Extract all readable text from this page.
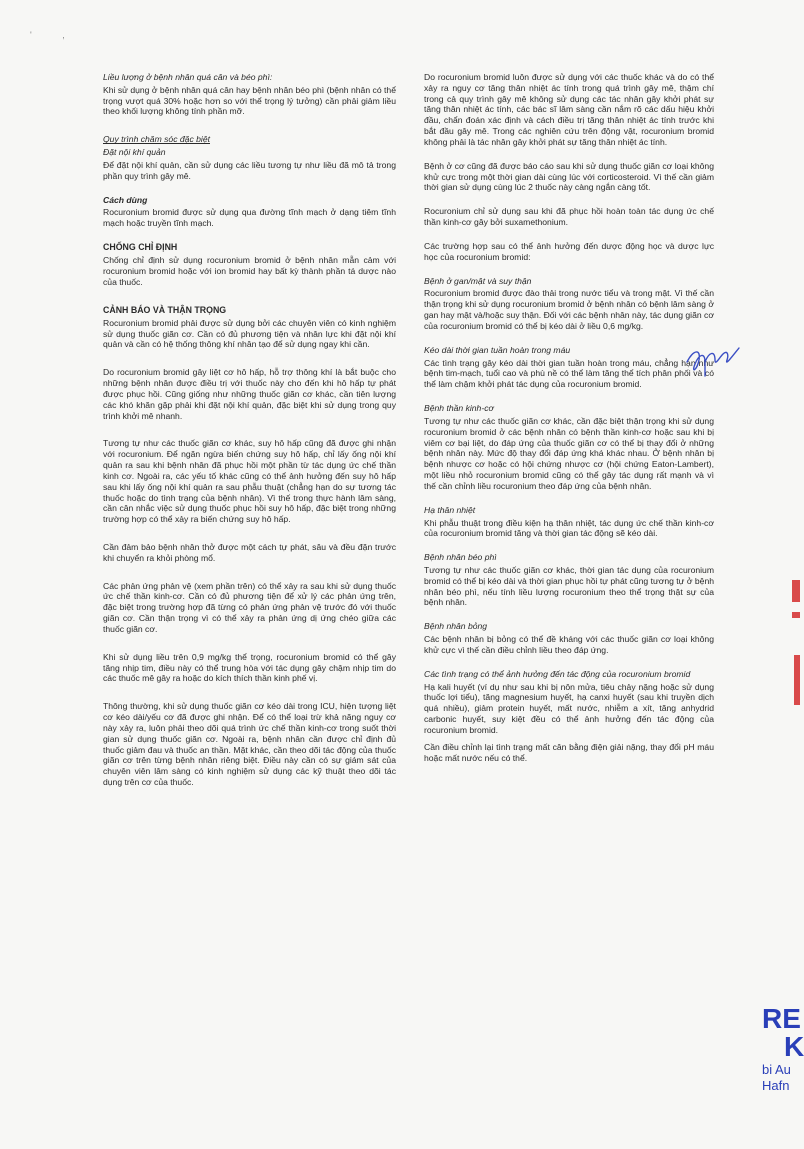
' ,
Liều lượng ở bệnh nhân quá cân và béo phì:

Khi sử dụng ở bệnh nhân quá cân hay bệnh nhân béo phì (bệnh nhân có thể trọng vượt quá 30% hoặc hơn so với thể trọng lý tưởng) cần phải giảm liều theo khối lượng không tính phần mỡ.

Quy trình chăm sóc đặc biệt
Đặt nội khí quản

Để đặt nội khí quản, cần sử dụng các liều tương tự như liều đã mô tả trong phần quy trình gây mê.

Cách dùng

Rocuronium bromid được sử dụng qua đường tĩnh mạch ở dạng tiêm tĩnh mạch hoặc truyền tĩnh mạch.

CHỐNG CHỈ ĐỊNH

Chống chỉ định sử dụng rocuronium bromid ở bệnh nhân mẫn cảm với rocuronium bromid hoặc với ion bromid hay bất kỳ thành phần tá dược nào của thuốc.

CẢNH BÁO VÀ THẬN TRỌNG

Rocuronium bromid phải được sử dụng bởi các chuyên viên có kinh nghiệm sử dụng thuốc giãn cơ. Cần có đủ phương tiện và nhân lực khi đặt nội khí quản và cần có hệ thống thông khí nhân tạo để sử dụng ngay khi cần.

Do rocuronium bromid gây liệt cơ hô hấp, hỗ trợ thông khí là bắt buộc cho những bệnh nhân được điều trị với thuốc này cho đến khi hô hấp tự phát được phục hồi. Cũng giống như những thuốc giãn cơ khác, cần tiên lượng các khó khăn gặp phải khi đặt nội khí quản, đặc biệt khi sử dụng trong quy trình khởi mê nhanh.

Tương tự như các thuốc giãn cơ khác, suy hô hấp cũng đã được ghi nhận với rocuronium. Để ngăn ngừa biến chứng suy hô hấp, chỉ lấy ống nội khí quản ra sau khi bệnh nhân đã phục hồi một phần từ tác dụng ức chế thần kinh cơ. Ngoài ra, các yếu tố khác cũng có thể ảnh hưởng đến suy hô hấp sau khi lấy ống nội khí quản ra sau phẫu thuật (chẳng hạn do sự tương tác thuốc hoặc do tình trạng của bệnh nhân). Vì thế trong thực hành lâm sàng, cần cân nhắc việc sử dụng thuốc phục hồi suy hô hấp, đặc biệt trong những trường hợp có thể xảy ra biến chứng suy hô hấp.

Cần đảm bảo bệnh nhân thở được một cách tự phát, sâu và đều đặn trước khi chuyển ra khỏi phòng mổ.

Các phản ứng phản vệ (xem phần trên) có thể xảy ra sau khi sử dụng thuốc ức chế thần kinh-cơ. Cần có đủ phương tiện để xử lý các phản ứng trên, đặc biệt trong trường hợp đã từng có phản ứng phản vệ trước đó với thuốc giãn cơ. Cần thận trọng vì có thể xảy ra phản ứng dị ứng chéo giữa các thuốc giãn cơ.

Khi sử dụng liều trên 0,9 mg/kg thể trọng, rocuronium bromid có thể gây tăng nhịp tim, điều này có thể trung hòa với tác dụng gây chậm nhịp tim do các thuốc mê gây ra hoặc do kích thích thần kinh phế vị.

Thông thường, khi sử dụng thuốc giãn cơ kéo dài trong ICU, hiện tượng liệt cơ kéo dài/yếu cơ đã được ghi nhận. Để có thể loại trừ khả năng nguy cơ này xảy ra, luôn phải theo dõi quá trình ức chế thần kinh-cơ trong suốt thời gian sử dụng thuốc giãn cơ. Ngoài ra, bệnh nhân cần được chỉ định đủ thuốc giảm đau và thuốc an thần. Mặt khác, cần theo dõi tác động của thuốc giãn cơ trên từng bệnh nhân riêng biệt. Điều này cần có sự giám sát của chuyên viên lâm sàng có kinh nghiệm sử dụng các kỹ thuật theo dõi tác dụng trên cơ của thuốc.

Do rocuronium bromid luôn được sử dụng với các thuốc khác và do có thể xảy ra nguy cơ tăng thân nhiệt ác tính trong quá trình gây mê, thậm chí trong cả quy trình gây mê không sử dụng các tác nhân gây khởi phát sự tăng thân nhiệt ác tính, các bác sĩ lâm sàng cần nắm rõ các dấu hiệu khởi đầu, chẩn đoán xác định và cách điều trị tăng thân nhiệt ác tính trước khi bắt đầu gây mê. Trong các nghiên cứu trên động vật, rocuronium bromid không phải là tác nhân gây khởi phát sự tăng thân nhiệt ác tính.

Bệnh ở cơ cũng đã được báo cáo sau khi sử dụng thuốc giãn cơ loại không khử cực trong một thời gian dài cùng lúc với corticosteroid. Vì thế cần giảm thời gian sử dụng cùng lúc 2 thuốc này càng ngắn càng tốt.

Rocuronium chỉ sử dụng sau khi đã phục hồi hoàn toàn tác dụng ức chế thần kinh-cơ gây bởi suxamethonium.

Các trường hợp sau có thể ảnh hưởng đến dược động học và dược lực học của rocuronium bromid:

Bệnh ở gan/mật và suy thận

Rocuronium bromid được đào thải trong nước tiểu và trong mật. Vì thế cần thận trọng khi sử dụng rocuronium bromid ở bệnh nhân có bệnh lâm sàng ở gan hay mật và/hoặc suy thận. Đối với các bệnh nhân này, tác dụng giãn cơ của rocuronium bromid có thể bị kéo dài ở liều 0,6 mg/kg.

Kéo dài thời gian tuần hoàn trong máu

Các tình trạng gây kéo dài thời gian tuần hoàn trong máu, chẳng hạn như bệnh tim-mạch, tuổi cao và phù nề có thể làm tăng thể tích phân phối và có thể làm chậm khởi phát tác dụng của rocuronium bromid.

Bệnh thần kinh-cơ

Tương tự như các thuốc giãn cơ khác, cần đặc biệt thận trọng khi sử dụng rocuronium bromid ở các bệnh nhân có bệnh thần kinh-cơ hoặc sau khi bị viêm cơ bại liệt, do đáp ứng của thuốc giãn cơ có thể bị thay đổi ở những bệnh nhân này. Mức độ thay đổi đáp ứng khá khác nhau. Ở bệnh nhân bị bệnh nhược cơ hoặc có hội chứng nhược cơ (hội chứng Eaton-Lambert), một liều nhỏ rocuronium bromid cũng có thể gây tác dụng rất mạnh và vì thế cần chỉnh liều rocuronium theo đáp ứng của bệnh nhân.

Hạ thân nhiệt

Khi phẫu thuật trong điều kiện hạ thân nhiệt, tác dụng ức chế thần kinh-cơ của rocuronium bromid tăng và thời gian tác động sẽ kéo dài.

Bệnh nhân béo phì

Tương tự như các thuốc giãn cơ khác, thời gian tác dụng của rocuronium bromid có thể bị kéo dài và thời gian phục hồi tự phát cũng tương tự ở bệnh nhân béo phì, nếu tính liều lượng rocuronium theo thể trọng thật sự của bệnh nhân.

Bệnh nhân bỏng

Các bệnh nhân bị bỏng có thể đề kháng với các thuốc giãn cơ loại không khử cực vì thế cần điều chỉnh liều theo đáp ứng.

Các tình trạng có thể ảnh hưởng đến tác động của rocuronium bromid

Hạ kali huyết (ví dụ như sau khi bị nôn mửa, tiêu chảy nặng hoặc sử dụng thuốc lợi tiểu), tăng magnesium huyết, hạ canxi huyết (sau khi truyền dịch quá nhiều), giảm protein huyết, mất nước, nhiễm a xít, tăng anhydrid carbonic huyết, suy kiệt đều có thể ảnh hưởng đến tác động của rocuronium bromid.

Cần điều chỉnh lại tình trạng mất cân bằng điện giải nặng, thay đổi pH máu hoặc mất nước nếu có thể.

RE
K
bi Au
Hafn
